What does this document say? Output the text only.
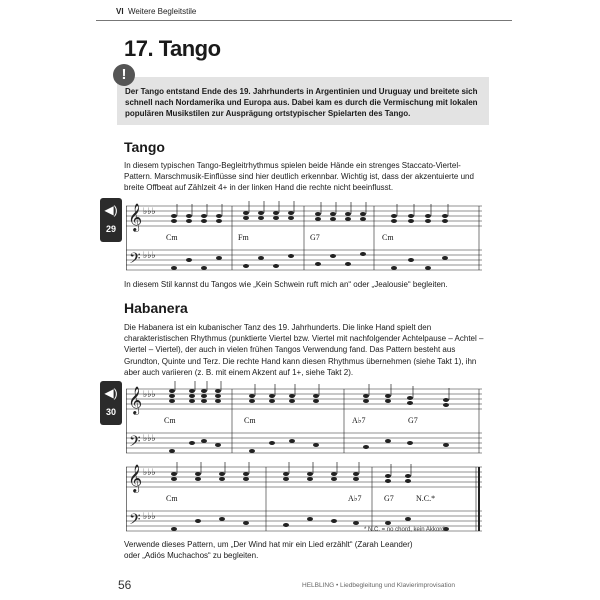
VI Weitere Begleitstile
17. Tango
Der Tango entstand Ende des 19. Jahrhunderts in Argentinien und Uruguay und breitete sich schnell nach Nordamerika und Europa aus. Dabei kam es durch die Vermischung mit lokalen populären Musikstilen zur Ausprägung ortstypischer Spielarten des Tango.
!
Tango
In diesem typischen Tango-Begleitrhythmus spielen beide Hände ein strenges Staccato-Viertel-Pattern. Marschmusik-Einflüsse sind hier deutlich erkennbar. Wichtig ist, dass der akzentuierte und breite Offbeat auf Zählzeit 4+ in der linken Hand die rechte nicht beeinflusst.
◀)
29 𝄞
𝄢
♭♭♭
♭♭♭
Cm	Fm	G7	Cm
In diesem Stil kannst du Tangos wie „Kein Schwein ruft mich an“ oder „Jealousie“ begleiten.
Habanera
Die Habanera ist ein kubanischer Tanz des 19. Jahrhunderts. Die linke Hand spielt den charakteristischen Rhythmus (punktierte Viertel bzw. Viertel mit nachfolgender Achtelpause – Achtel – Viertel – Viertel), der auch in vielen frühen Tangos Verwendung fand. Das Pattern besteht aus Grundton, Quinte und Terz. Die rechte Hand kann diesen Rhythmus übernehmen (siehe Takt 1), ihn aber auch variieren (z. B. mit einem Akzent auf 1+, siehe Takt 2).
◀)
30 𝄞
𝄢
♭♭♭
♭♭♭
Cm	Cm	A♭7	G7
𝄞
𝄢
♭♭♭
♭♭♭
Cm	A♭7	G7	N.C.*
* N.C. = no chord, kein Akkord
Verwende dieses Pattern, um „Der Wind hat mir ein Lied erzählt“ (Zarah Leander) oder „Adiós Muchachos“ zu begleiten.
56	HELBLING • Liedbegleitung und Klavierimprovisation
